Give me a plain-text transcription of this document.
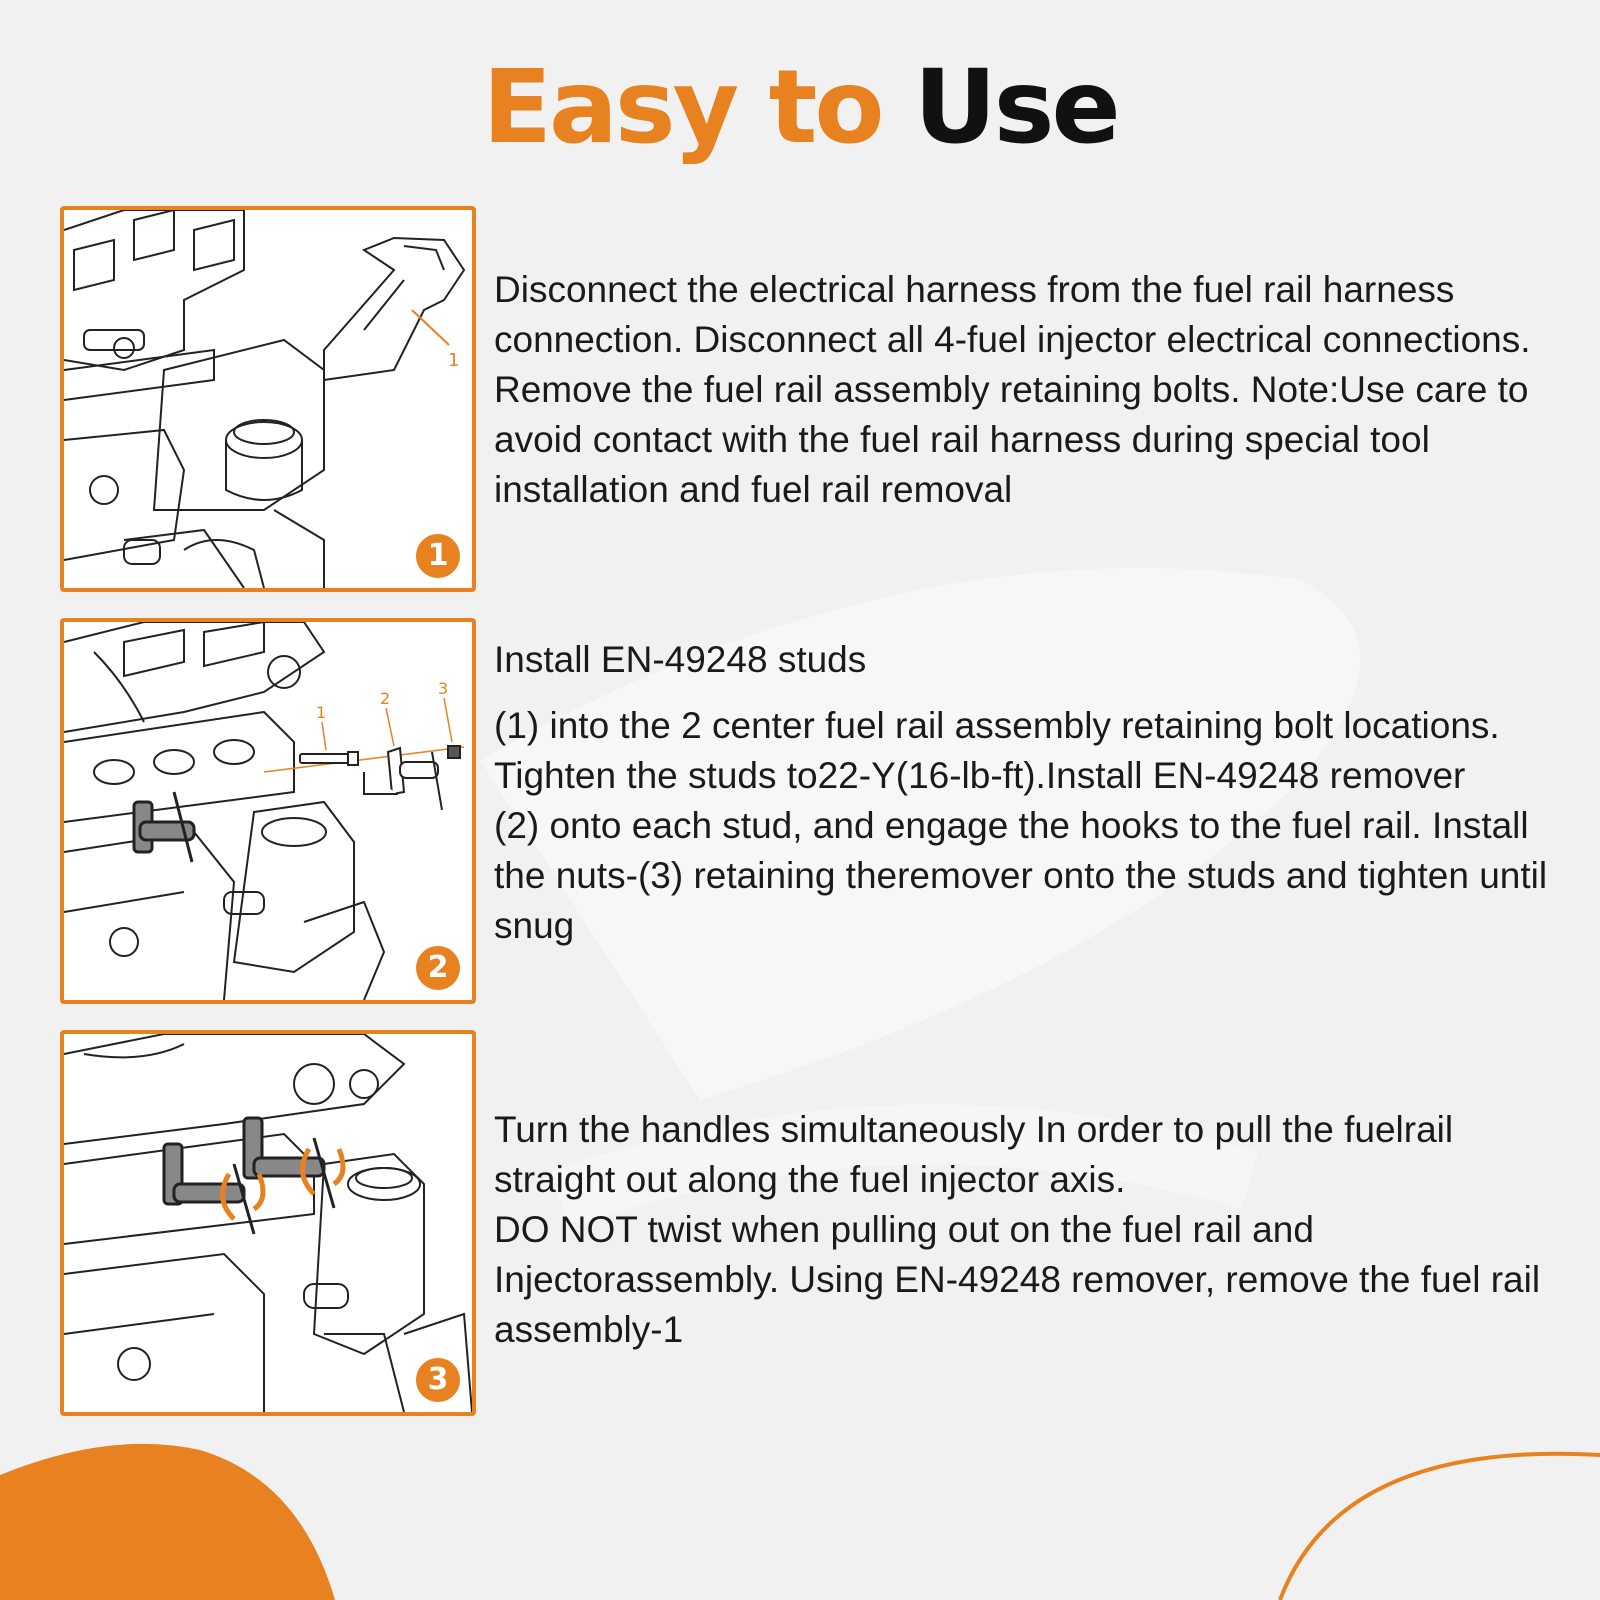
Easy to Use
1
1

Disconnect the electrical harness from the fuel rail harness connection. Disconnect all 4-fuel injector electrical connections. Remove the fuel rail assembly retaining bolts. Note:Use care to avoid contact with the fuel rail harness during special tool installation and fuel rail removal

1
2
3
2

Install EN-49248 studs

(1) into the 2 center fuel rail assembly retaining bolt locations. Tighten the studs to22-Y(16-lb-ft).Install EN-49248 remover

(2) onto each stud, and engage the hooks to the fuel rail. Install the nuts-(3) retaining theremover onto the studs and tighten until snug

3

Turn the handles simultaneously In order to pull the fuelrail straight out along the fuel injector axis.

DO NOT twist when pulling out on the fuel rail and Injectorassembly. Using EN-49248 remover, remove the fuel rail assembly-1
